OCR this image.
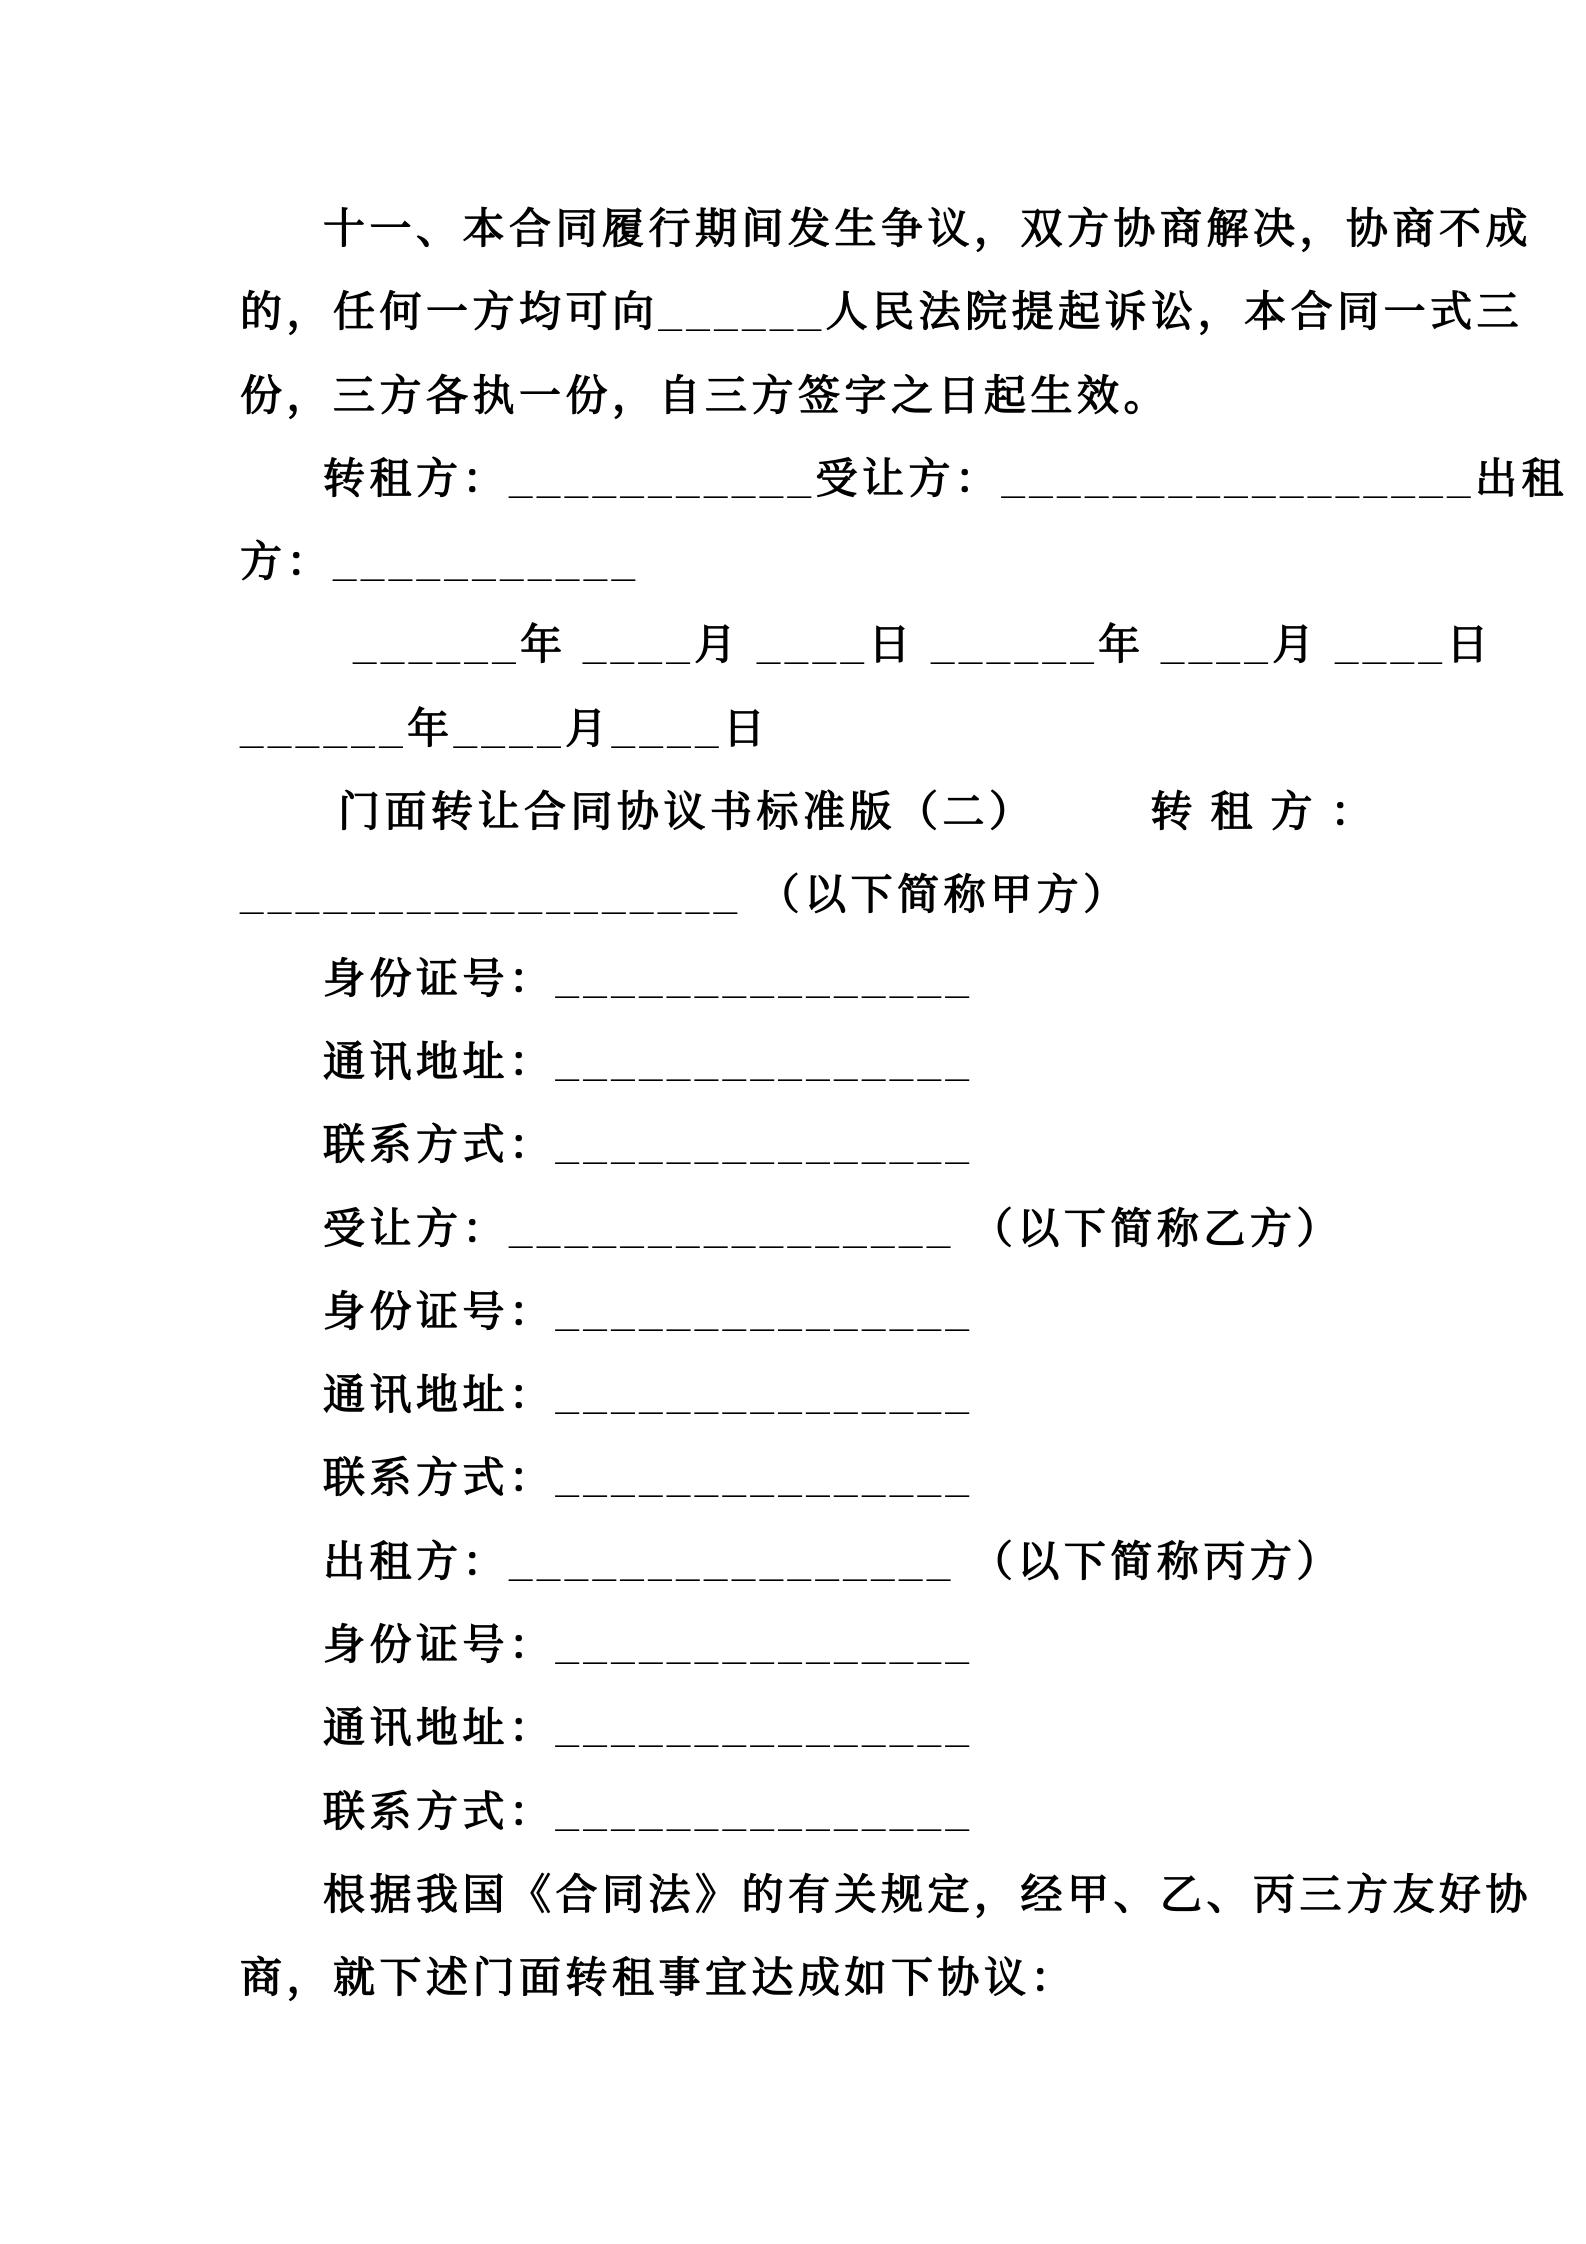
十一、本合同履行期间发生争议，双方协商解决，协商不成
的，任何一方均可向______人民法院提起诉讼，本合同一式三
份，三方各执一份，自三方签字之日起生效。
转租方：___________受让方：_________________出租
方：___________
______年 ____月 ____日 ______年 ____月 ____日
______年____月____日
门面转让合同协议书标准版（二）	转租方：
__________________ （以下简称甲方）
身份证号：_______________
通讯地址：_______________
联系方式：_______________
受让方：________________ （以下简称乙方）
身份证号：_______________
通讯地址：_______________
联系方式：_______________
出租方：________________ （以下简称丙方）
身份证号：_______________
通讯地址：_______________
联系方式：_______________
根据我国《合同法》的有关规定，经甲、乙、丙三方友好协
商，就下述门面转租事宜达成如下协议：
